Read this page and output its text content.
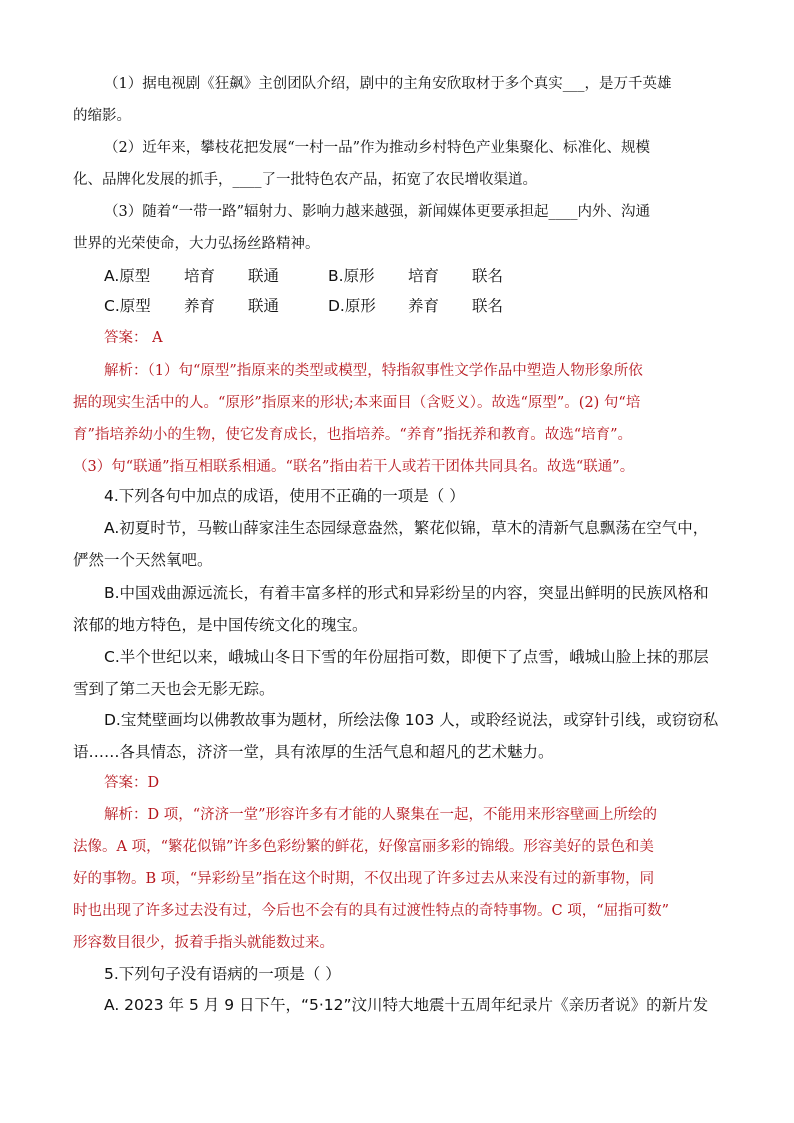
（1）据电视剧《狂飙》主创团队介绍，剧中的主角安欣取材于多个真实___，是万千英雄
的缩影。
（2）近年来，攀枝花把发展“一村一品”作为推动乡村特色产业集聚化、标准化、规模
化、品牌化发展的抓手，____了一批特色农产品，拓宽了农民增收渠道。
（3）随着“一带一路”辐射力、影响力越来越强，新闻媒体更要承担起____内外、沟通
世界的光荣使命，大力弘扬丝路精神。
A.原型 培育 联通	B.原形 培育 联名
C.原型 养育 联通	D.原形 养育 联名
答案： A
解析：（1）句“原型”指原来的类型或模型，特指叙事性文学作品中塑造人物形象所依
据的现实生活中的人。“原形”指原来的形状;本来面目（含贬义）。故选“原型”。(2) 句“培
育”指培养幼小的生物，使它发育成长，也指培养。“养育”指抚养和教育。故选“培育”。
（3）句“联通”指互相联系相通。“联名”指由若干人或若干团体共同具名。故选“联通”。
4.下列各句中加点的成语，使用不正确的一项是（ ）
A.初夏时节，马鞍山薛家洼生态园绿意盎然，繁花似锦，草木的清新气息飘荡在空气中，
俨然一个天然氧吧。
B.中国戏曲源远流长，有着丰富多样的形式和异彩纷呈的内容，突显出鲜明的民族风格和
浓郁的地方特色，是中国传统文化的瑰宝。
C.半个世纪以来，峨城山冬日下雪的年份屈指可数，即便下了点雪，峨城山脸上抹的那层
雪到了第二天也会无影无踪。
D.宝梵壁画均以佛教故事为题材，所绘法像 103 人，或聆经说法，或穿针引线，或窃窃私
语……各具情态，济济一堂，具有浓厚的生活气息和超凡的艺术魅力。
答案：D
解析：D 项，“济济一堂”形容许多有才能的人聚集在一起，不能用来形容壁画上所绘的
法像。A 项，“繁花似锦”许多色彩纷繁的鲜花，好像富丽多彩的锦缎。形容美好的景色和美
好的事物。B 项，“异彩纷呈”指在这个时期，不仅出现了许多过去从来没有过的新事物，同
时也出现了许多过去没有过，今后也不会有的具有过渡性特点的奇特事物。C 项，“屈指可数”
形容数目很少，扳着手指头就能数过来。
5.下列句子没有语病的一项是（ ）
A. 2023 年 5 月 9 日下午，“5·12”汶川特大地震十五周年纪录片《亲历者说》的新片发
